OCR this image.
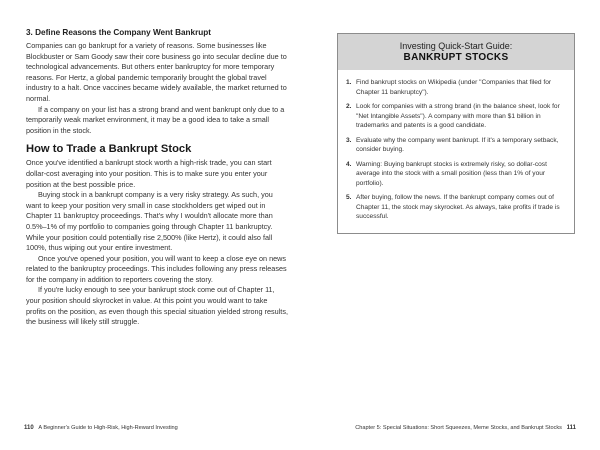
3. Define Reasons the Company Went Bankrupt

Companies can go bankrupt for a variety of reasons. Some businesses like Blockbuster or Sam Goody saw their core business go into secular decline due to technological advancements. But others enter bankruptcy for more temporary reasons. For Hertz, a global pandemic temporarily brought the global travel industry to a halt. Once vaccines became widely available, the market returned to normal.

If a company on your list has a strong brand and went bankrupt only due to a temporarily weak market environment, it may be a good idea to take a small position in the stock.

How to Trade a Bankrupt Stock

Once you've identified a bankrupt stock worth a high-risk trade, you can start dollar-cost averaging into your position. This is to make sure you enter your position at the best possible price.

Buying stock in a bankrupt company is a very risky strategy. As such, you want to keep your position very small in case stockholders get wiped out in Chapter 11 bankruptcy proceedings. That's why I wouldn't allocate more than 0.5%–1% of my portfolio to companies going through Chapter 11 bankruptcy. While your position could potentially rise 2,500% (like Hertz), it could also fall 100%, thus wiping out your entire investment.

Once you've opened your position, you will want to keep a close eye on news related to the bankruptcy proceedings. This includes following any press releases for the company in addition to reporters covering the story.

If you're lucky enough to see your bankrupt stock come out of Chapter 11, your position should skyrocket in value. At this point you would want to take profits on the position, as even though this special situation yielded strong results, the business will likely still struggle.

110 A Beginner's Guide to High-Risk, High-Reward Investing
Investing Quick-Start Guide:
BANKRUPT STOCKS
1. Find bankrupt stocks on Wikipedia (under "Companies that filed for Chapter 11 bankruptcy").
2. Look for companies with a strong brand (in the balance sheet, look for "Net Intangible Assets"). A company with more than $1 billion in trademarks and patents is a good candidate.
3. Evaluate why the company went bankrupt. If it's a temporary setback, consider buying.
4. Warning: Buying bankrupt stocks is extremely risky, so dollar-cost average into the stock with a small position (less than 1% of your portfolio).
5. After buying, follow the news. If the bankrupt company comes out of Chapter 11, the stock may skyrocket. As always, take profits if trade is successful.
Chapter 5: Special Situations: Short Squeezes, Meme Stocks, and Bankrupt Stocks 111
